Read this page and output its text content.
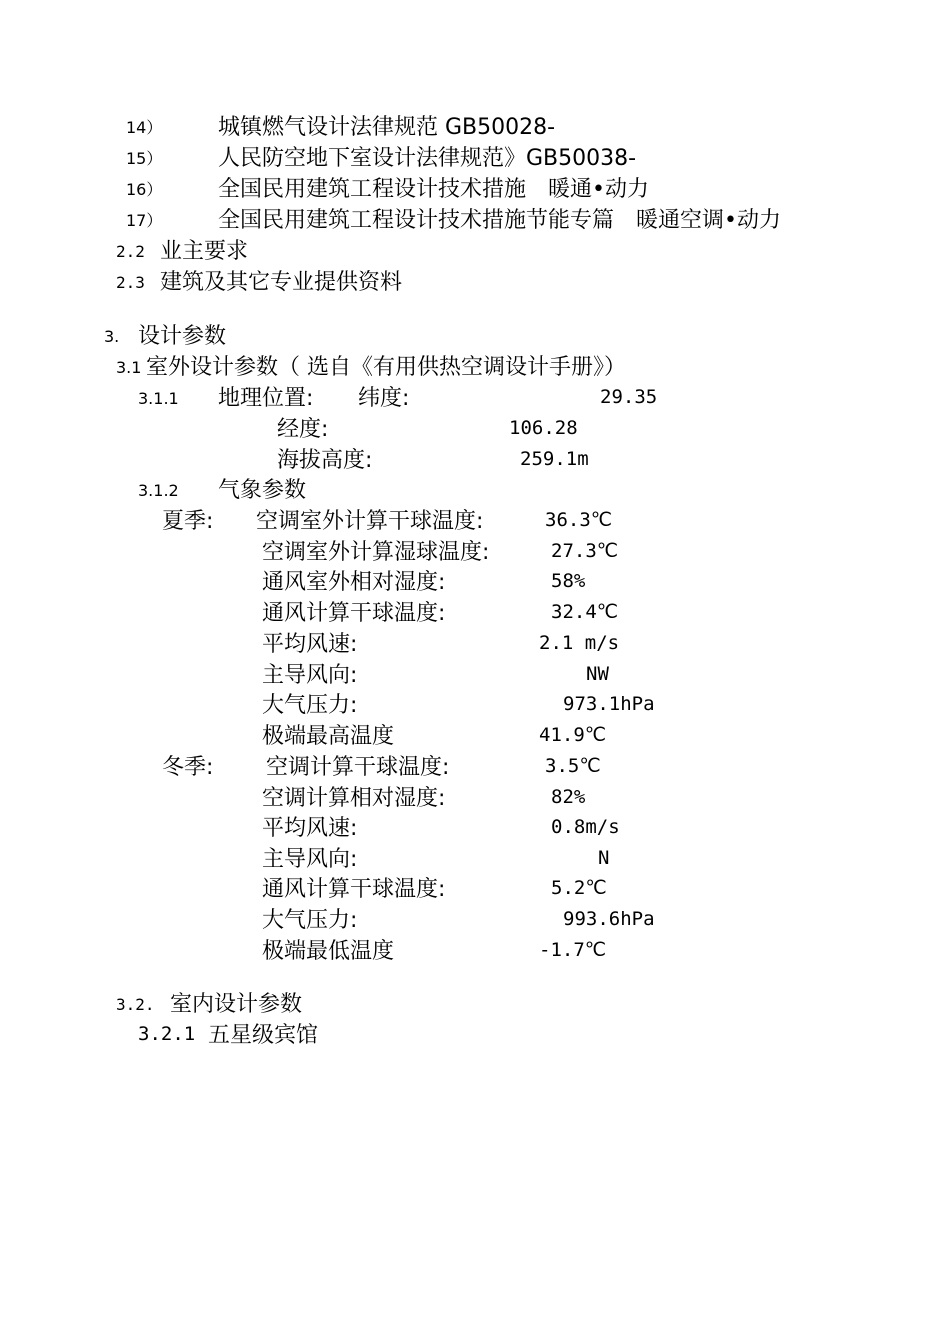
14）	城镇燃气设计法律规范 GB50028-
15）	人民防空地下室设计法律规范》GB50038-
16）	全国民用建筑工程设计技术措施　暖通•动力
17）	全国民用建筑工程设计技术措施节能专篇　暖通空调•动力
2.2 业主要求
2.3 建筑及其它专业提供资料
3. 设计参数
3.1 室外设计参数（ 选自《有用供热空调设计手册》）
3.1.1 地理位置: 纬度:	29.35
经度:	106.28
海拔高度:	259.1m
3.1.2 气象参数
夏季: 空调室外计算干球温度:	36.3℃
空调室外计算湿球温度:	27.3℃
通风室外相对湿度:	58%
通风计算干球温度:	32.4℃
平均风速:	2.1 m/s
主导风向:	NW
大气压力:	973.1hPa
极端最高温度	41.9℃
冬季: 空调计算干球温度:	3.5℃
空调计算相对湿度:	82%
平均风速:	0.8m/s
主导风向:	N
通风计算干球温度:	5.2℃
大气压力:	993.6hPa
极端最低温度	-1.7℃
3.2. 室内设计参数
3.2.1 五星级宾馆
